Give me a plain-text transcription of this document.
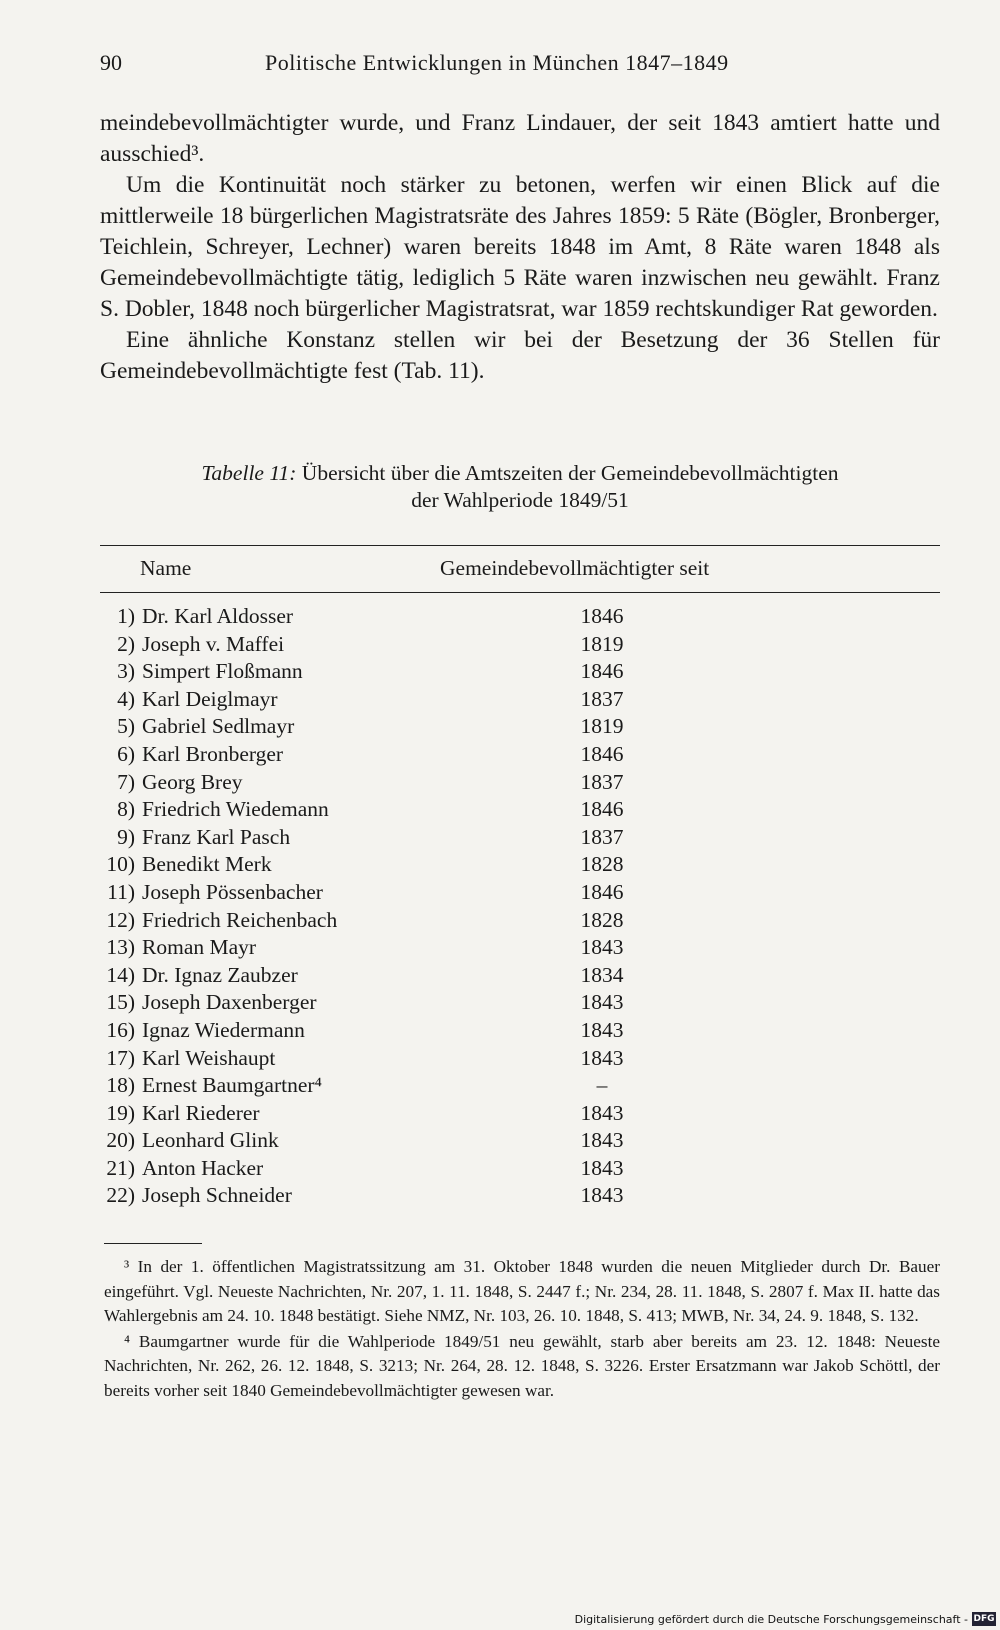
90	Politische Entwicklungen in München 1847–1849

meindebevollmächtigter wurde, und Franz Lindauer, der seit 1843 amtiert hatte und ausschied³.

Um die Kontinuität noch stärker zu betonen, werfen wir einen Blick auf die mittlerweile 18 bürgerlichen Magistratsräte des Jahres 1859: 5 Räte (Bögler, Bronberger, Teichlein, Schreyer, Lechner) waren bereits 1848 im Amt, 8 Räte waren 1848 als Gemeindebevollmächtigte tätig, lediglich 5 Räte waren inzwischen neu gewählt. Franz S. Dobler, 1848 noch bürgerlicher Magistratsrat, war 1859 rechtskundiger Rat geworden.

Eine ähnliche Konstanz stellen wir bei der Besetzung der 36 Stellen für Gemeindebevollmächtigte fest (Tab. 11).

Tabelle 11: Übersicht über die Amtszeiten der Gemeindebevollmächtigten
der Wahlperiode 1849/51
Name	Gemeindebevollmächtigter seit
1) Dr. Karl Aldosser	1846
2) Joseph v. Maffei	1819
3) Simpert Floßmann	1846
4) Karl Deiglmayr	1837
5) Gabriel Sedlmayr	1819
6) Karl Bronberger	1846
7) Georg Brey	1837
8) Friedrich Wiedemann	1846
9) Franz Karl Pasch	1837
10) Benedikt Merk	1828
11) Joseph Pössenbacher	1846
12) Friedrich Reichenbach	1828
13) Roman Mayr	1843
14) Dr. Ignaz Zaubzer	1834
15) Joseph Daxenberger	1843
16) Ignaz Wiedermann	1843
17) Karl Weishaupt	1843
18) Ernest Baumgartner⁴	–
19) Karl Riederer	1843
20) Leonhard Glink	1843
21) Anton Hacker	1843
22) Joseph Schneider	1843

³ In der 1. öffentlichen Magistratssitzung am 31. Oktober 1848 wurden die neuen Mitglieder durch Dr. Bauer eingeführt. Vgl. Neueste Nachrichten, Nr. 207, 1. 11. 1848, S. 2447 f.; Nr. 234, 28. 11. 1848, S. 2807 f. Max II. hatte das Wahlergebnis am 24. 10. 1848 bestätigt. Siehe NMZ, Nr. 103, 26. 10. 1848, S. 413; MWB, Nr. 34, 24. 9. 1848, S. 132.

⁴ Baumgartner wurde für die Wahlperiode 1849/51 neu gewählt, starb aber bereits am 23. 12. 1848: Neueste Nachrichten, Nr. 262, 26. 12. 1848, S. 3213; Nr. 264, 28. 12. 1848, S. 3226. Erster Ersatzmann war Jakob Schöttl, der bereits vorher seit 1840 Gemeindebevollmächtigter gewesen war.

Digitalisierung gefördert durch die Deutsche Forschungsgemeinschaft - DFG
